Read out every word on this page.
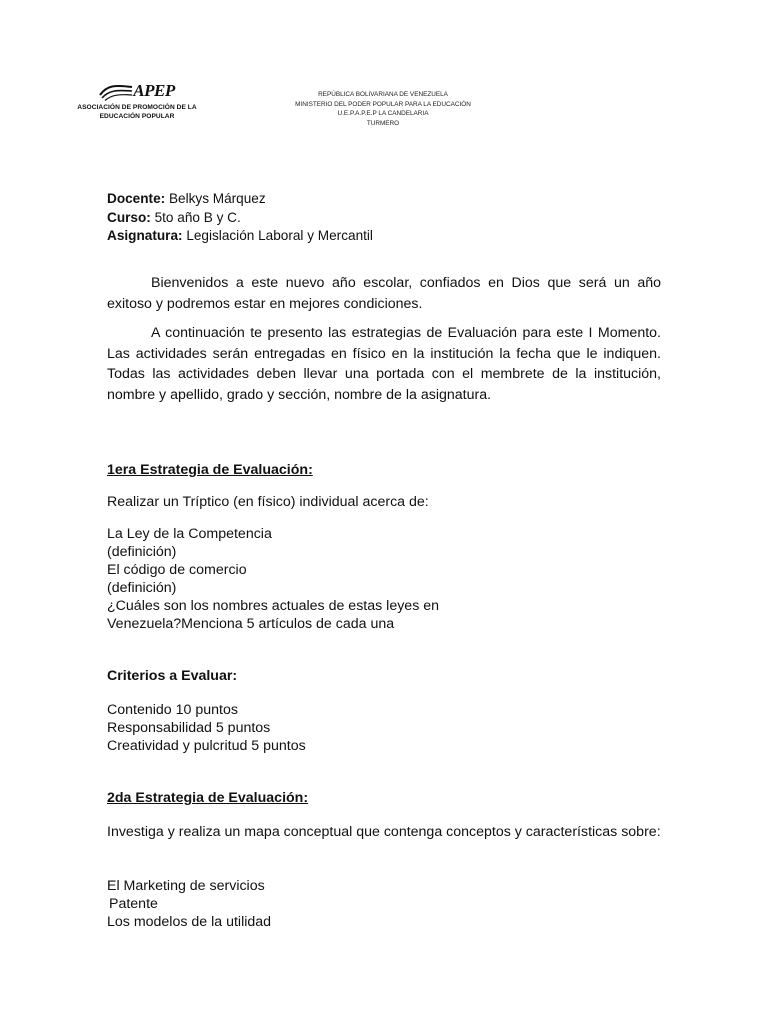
APEP
ASOCIACIÓN DE PROMOCIÓN DE LA
EDUCACIÓN POPULAR
REPÚBLICA BOLIVARIANA DE VENEZUELA
MINISTERIO DEL PODER POPULAR PARA LA EDUCACIÓN
U.E.P.A.P.E.P LA CANDELARIA
TURMERO
Docente: Belkys Márquez
Curso: 5to año B y C.
Asignatura: Legislación Laboral y Mercantil
Bienvenidos a este nuevo año escolar, confiados en Dios que será un año exitoso y podremos estar en mejores condiciones.
A continuación te presento las estrategias de Evaluación para este I Momento. Las actividades serán entregadas en físico en la institución la fecha que le indiquen. Todas las actividades deben llevar una portada con el membrete de la institución, nombre y apellido, grado y sección, nombre de la asignatura.
1era Estrategia de Evaluación:
Realizar un Tríptico (en físico) individual acerca de:
La Ley de la Competencia
(definición)
El código de comercio
(definición)
¿Cuáles son los nombres actuales de estas leyes en
Venezuela?Menciona 5 artículos de cada una
Criterios a Evaluar:
Contenido 10 puntos
Responsabilidad 5 puntos
Creatividad y pulcritud 5 puntos
2da Estrategia de Evaluación:
Investiga y realiza un mapa conceptual que contenga conceptos y características sobre:
El Marketing de servicios
Patente
Los modelos de la utilidad
